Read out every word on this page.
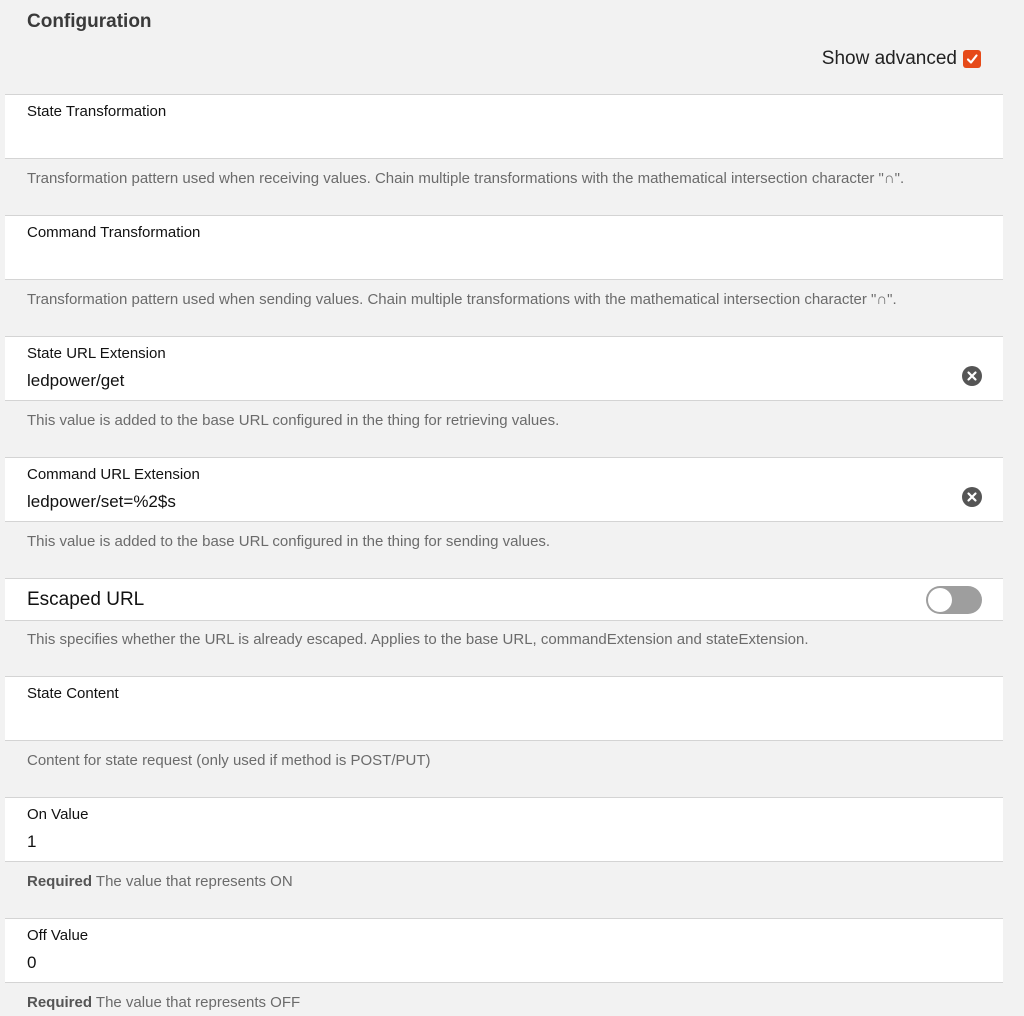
Configuration
Show advanced
State Transformation
Transformation pattern used when receiving values. Chain multiple transformations with the mathematical intersection character "∩".
Command Transformation
Transformation pattern used when sending values. Chain multiple transformations with the mathematical intersection character "∩".
State URL Extension
ledpower/get
This value is added to the base URL configured in the thing for retrieving values.
Command URL Extension
ledpower/set=%2$s
This value is added to the base URL configured in the thing for sending values.
Escaped URL
This specifies whether the URL is already escaped. Applies to the base URL, commandExtension and stateExtension.
State Content
Content for state request (only used if method is POST/PUT)
On Value
1
Required The value that represents ON
Off Value
0
Required The value that represents OFF
